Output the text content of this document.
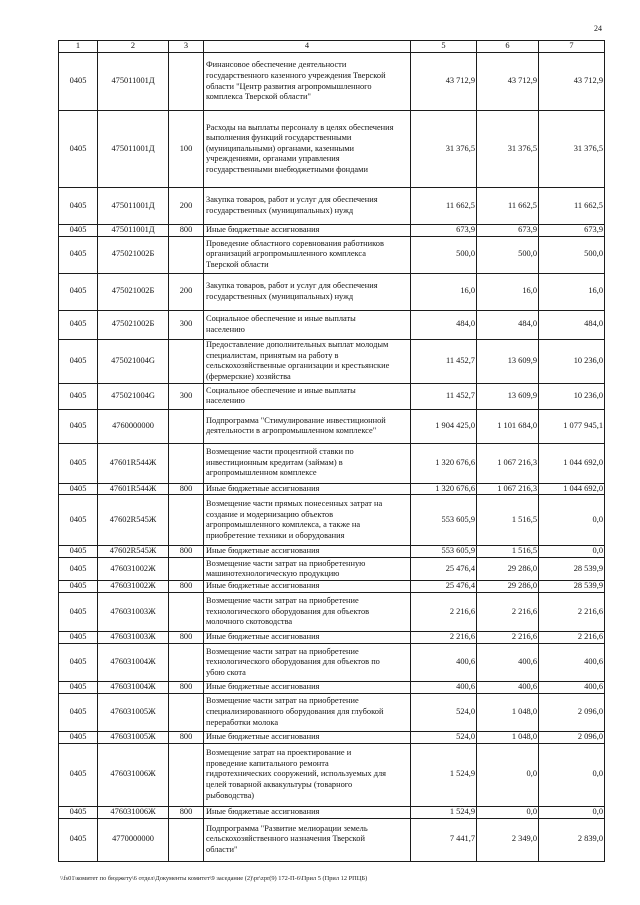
24
1	2	3	4	5	6	7
0405	475011001Д		Финансовое обеспечение деятельности
государственного казенного учреждения Тверской
области "Центр развития агропромышленного
комплекса Тверской области"	43 712,9	43 712,9	43 712,9
0405	475011001Д	100	Расходы на выплаты персоналу в целях обеспечения
выполнения функций государственными
(муниципальными) органами, казенными
учреждениями, органами управления
государственными внебюджетными фондами	31 376,5	31 376,5	31 376,5
0405	475011001Д	200	Закупка товаров, работ и услуг для обеспечения
государственных (муниципальных) нужд	11 662,5	11 662,5	11 662,5
0405	475011001Д	800	Иные бюджетные ассигнования	673,9	673,9	673,9
0405	475021002Б		Проведение областного соревнования работников
организаций агропромышленного комплекса
Тверской области	500,0	500,0	500,0
0405	475021002Б	200	Закупка товаров, работ и услуг для обеспечения
государственных (муниципальных) нужд	16,0	16,0	16,0
0405	475021002Б	300	Социальное обеспечение и иные выплаты
населению	484,0	484,0	484,0
0405	475021004G		Предоставление дополнительных выплат молодым
специалистам, принятым на работу в
сельскохозяйственные организации и крестьянские
(фермерские) хозяйства	11 452,7	13 609,9	10 236,0
0405	475021004G	300	Социальное обеспечение и иные выплаты
населению	11 452,7	13 609,9	10 236,0
0405	4760000000		Подпрограмма "Стимулирование инвестиционной
деятельности в агропромышленном комплексе"	1 904 425,0	1 101 684,0	1 077 945,1
0405	47601R544Ж		Возмещение части процентной ставки по
инвестиционным кредитам (займам) в
агропромышленном комплексе	1 320 676,6	1 067 216,3	1 044 692,0
0405	47601R544Ж	800	Иные бюджетные ассигнования	1 320 676,6	1 067 216,3	1 044 692,0
0405	47602R545Ж		Возмещение части прямых понесенных затрат на
создание и модернизацию объектов
агропромышленного комплекса, а также на
приобретение техники и оборудования	553 605,9	1 516,5	0,0
0405	47602R545Ж	800	Иные бюджетные ассигнования	553 605,9	1 516,5	0,0
0405	476031002Ж		Возмещение части затрат на приобретенную
машинотехнологическую продукцию	25 476,4	29 286,0	28 539,9
0405	476031002Ж	800	Иные бюджетные ассигнования	25 476,4	29 286,0	28 539,9
0405	476031003Ж		Возмещение части затрат на приобретение
технологического оборудования для объектов
молочного скотоводства	2 216,6	2 216,6	2 216,6
0405	476031003Ж	800	Иные бюджетные ассигнования	2 216,6	2 216,6	2 216,6
0405	476031004Ж		Возмещение части затрат на приобретение
технологического оборудования для объектов по
убою скота	400,6	400,6	400,6
0405	476031004Ж	800	Иные бюджетные ассигнования	400,6	400,6	400,6
0405	476031005Ж		Возмещение части затрат на приобретение
специализированного оборудования для глубокой
переработки молока	524,0	1 048,0	2 096,0
0405	476031005Ж	800	Иные бюджетные ассигнования	524,0	1 048,0	2 096,0
0405	476031006Ж		Возмещение затрат на проектирование и
проведение капитального ремонта
гидротехнических сооружений, используемых для
целей товарной аквакультуры (товарного
рыбоводства)	1 524,9	0,0	0,0
0405	476031006Ж	800	Иные бюджетные ассигнования	1 524,9	0,0	0,0
0405	4770000000		Подпрограмма "Развитие мелиорации земель
сельскохозяйственного назначения Тверской
области"	7 441,7	2 349,0	2 839,0
\\fs01\комитет по бюджету\6 отдел\Документы комитет\9 заседание (2)\pr\zpr(9) 172-П-6\Прил 5 (Прил 12 РПЦБ)
